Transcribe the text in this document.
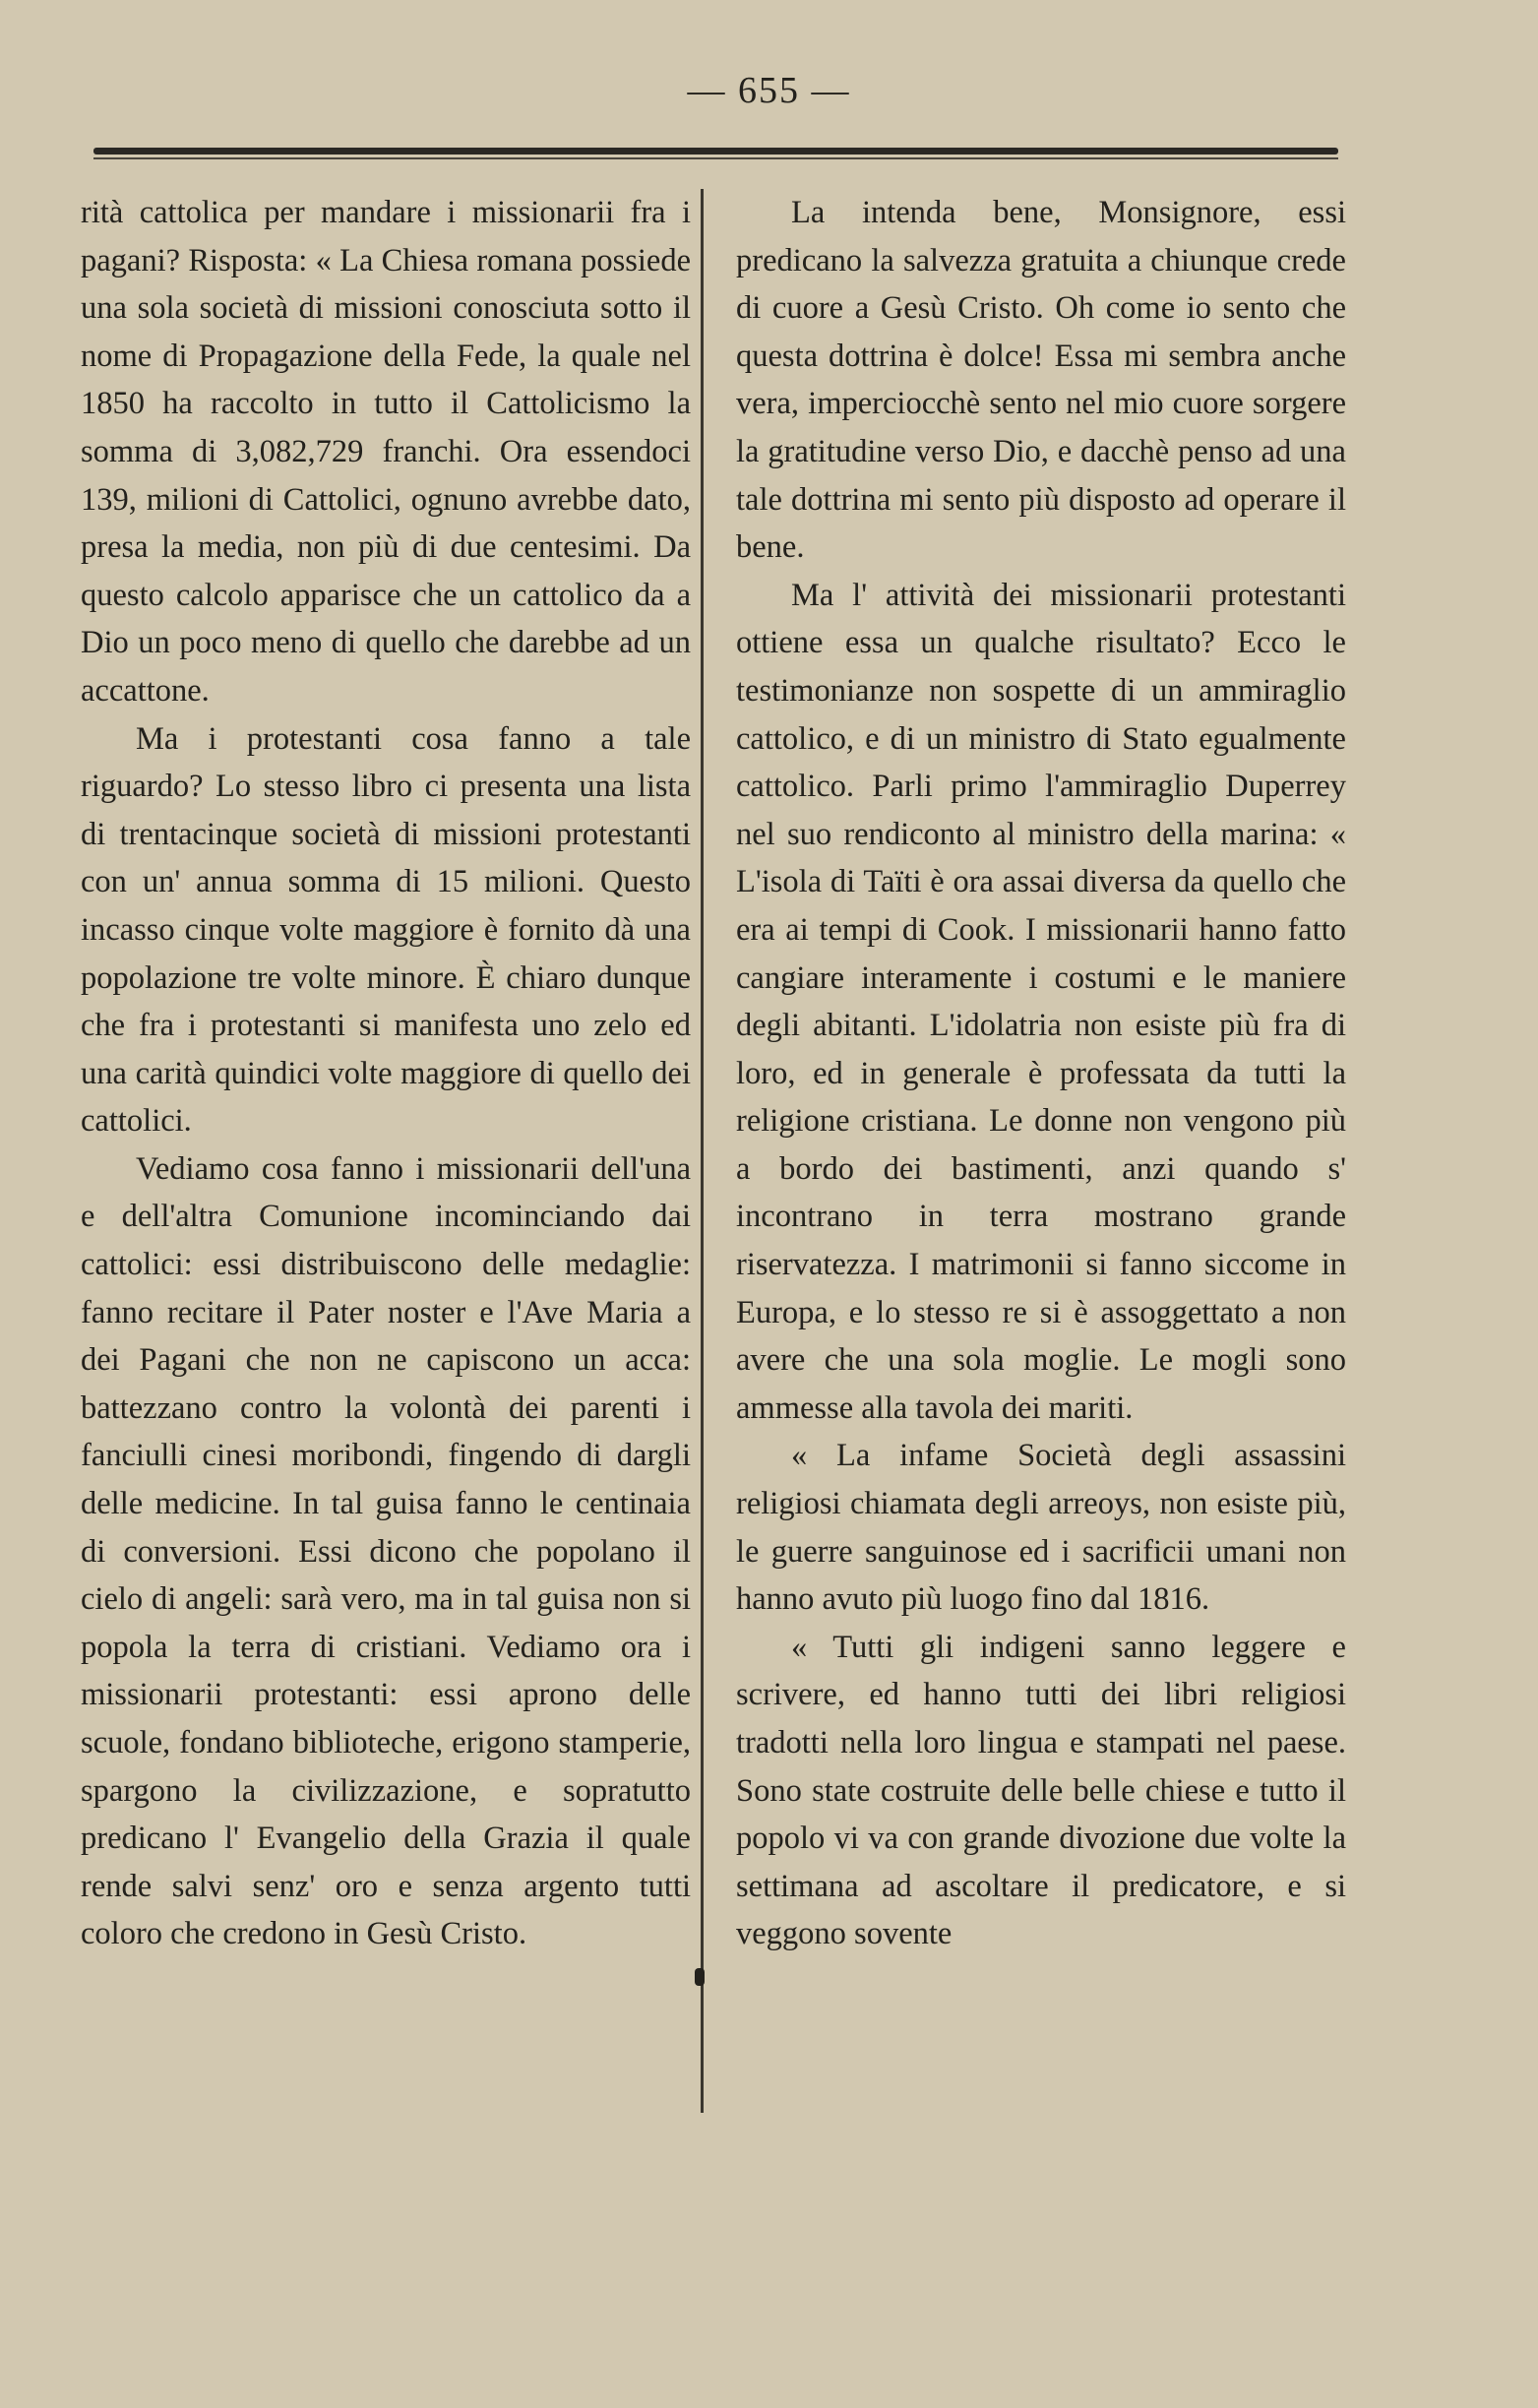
— 655 —

rità cattolica per mandare i missionarii fra i pagani? Risposta: « La Chiesa romana possiede una sola società di missioni conosciuta sotto il nome di Propagazione della Fede, la quale nel 1850 ha raccolto in tutto il Cattolicismo la somma di 3,082,729 franchi. Ora essendoci 139, milioni di Cattolici, ognuno avrebbe dato, presa la media, non più di due centesimi. Da questo calcolo apparisce che un cattolico da a Dio un poco meno di quello che darebbe ad un accattone.

Ma i protestanti cosa fanno a tale riguardo? Lo stesso libro ci presenta una lista di trentacinque società di missioni protestanti con un' annua somma di 15 milioni. Questo incasso cinque volte maggiore è fornito dà una popolazione tre volte minore. È chiaro dunque che fra i protestanti si manifesta uno zelo ed una carità quindici volte maggiore di quello dei cattolici.

Vediamo cosa fanno i missionarii dell'una e dell'altra Comunione incominciando dai cattolici: essi distribuiscono delle medaglie: fanno recitare il Pater noster e l'Ave Maria a dei Pagani che non ne capiscono un acca: battezzano contro la volontà dei parenti i fanciulli cinesi moribondi, fingendo di dargli delle medicine. In tal guisa fanno le centinaia di conversioni. Essi dicono che popolano il cielo di angeli: sarà vero, ma in tal guisa non si popola la terra di cristiani. Vediamo ora i missionarii protestanti: essi aprono delle scuole, fondano biblioteche, erigono stamperie, spargono la civilizzazione, e sopratutto predicano l' Evangelio della Grazia il quale rende salvi senz' oro e senza argento tutti coloro che credono in Gesù Cristo.

La intenda bene, Monsignore, essi predicano la salvezza gratuita a chiunque crede di cuore a Gesù Cristo. Oh come io sento che questa dottrina è dolce! Essa mi sembra anche vera, imperciocchè sento nel mio cuore sorgere la gratitudine verso Dio, e dacchè penso ad una tale dottrina mi sento più disposto ad operare il bene.

Ma l' attività dei missionarii protestanti ottiene essa un qualche risultato? Ecco le testimonianze non sospette di un ammiraglio cattolico, e di un ministro di Stato egualmente cattolico. Parli primo l'ammiraglio Duperrey nel suo rendiconto al ministro della marina: « L'isola di Taïti è ora assai diversa da quello che era ai tempi di Cook. I missionarii hanno fatto cangiare interamente i costumi e le maniere degli abitanti. L'idolatria non esiste più fra di loro, ed in generale è professata da tutti la religione cristiana. Le donne non vengono più a bordo dei bastimenti, anzi quando s' incontrano in terra mostrano grande riservatezza. I matrimonii si fanno siccome in Europa, e lo stesso re si è assoggettato a non avere che una sola moglie. Le mogli sono ammesse alla tavola dei mariti.

« La infame Società degli assassini religiosi chiamata degli arreoys, non esiste più, le guerre sanguinose ed i sacrificii umani non hanno avuto più luogo fino dal 1816.

« Tutti gli indigeni sanno leggere e scrivere, ed hanno tutti dei libri religiosi tradotti nella loro lingua e stampati nel paese. Sono state costruite delle belle chiese e tutto il popolo vi va con grande divozione due volte la settimana ad ascoltare il predicatore, e si veggono sovente
